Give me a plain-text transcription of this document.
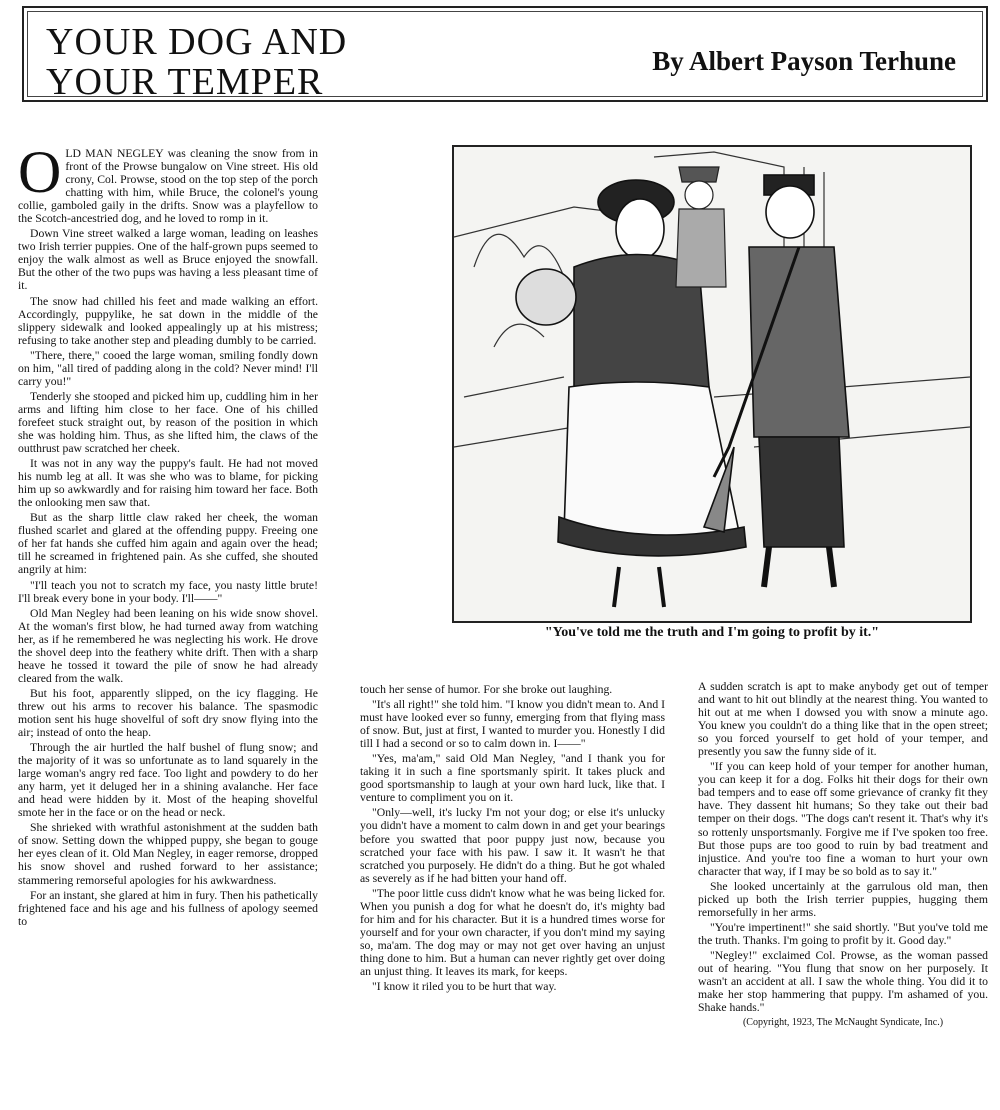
YOUR DOG AND
YOUR TEMPER	By Albert Payson Terhune

OLD MAN NEGLEY was cleaning the snow from in front of the Prowse bungalow on Vine street. His old crony, Col. Prowse, stood on the top step of the porch chatting with him, while Bruce, the colonel's young collie, gamboled gaily in the drifts. Snow was a playfellow to the Scotch-ancestried dog, and he loved to romp in it.

Down Vine street walked a large woman, leading on leashes two Irish terrier puppies. One of the half-grown pups seemed to enjoy the walk almost as well as Bruce enjoyed the snowfall. But the other of the two pups was having a less pleasant time of it.

The snow had chilled his feet and made walking an effort. Accordingly, puppylike, he sat down in the middle of the slippery sidewalk and looked appealingly up at his mistress; refusing to take another step and pleading dumbly to be carried.

"There, there," cooed the large woman, smiling fondly down on him, "all tired of padding along in the cold? Never mind! I'll carry you!"

Tenderly she stooped and picked him up, cuddling him in her arms and lifting him close to her face. One of his chilled forefeet stuck straight out, by reason of the position in which she was holding him. Thus, as she lifted him, the claws of the outthrust paw scratched her cheek.

It was not in any way the puppy's fault. He had not moved his numb leg at all. It was she who was to blame, for picking him up so awkwardly and for raising him toward her face. Both the onlooking men saw that.

But as the sharp little claw raked her cheek, the woman flushed scarlet and glared at the offending puppy. Freeing one of her fat hands she cuffed him again and again over the head; till he screamed in frightened pain. As she cuffed, she shouted angrily at him:

"I'll teach you not to scratch my face, you nasty little brute! I'll break every bone in your body. I'll——"

Old Man Negley had been leaning on his wide snow shovel. At the woman's first blow, he had turned away from watching her, as if he remembered he was neglecting his work. He drove the shovel deep into the feathery white drift. Then with a sharp heave he tossed it toward the pile of snow he had already cleared from the walk.

But his foot, apparently slipped, on the icy flagging. He threw out his arms to recover his balance. The spasmodic motion sent his huge shovelful of soft dry snow flying into the air; instead of onto the heap.

Through the air hurtled the half bushel of flung snow; and the majority of it was so unfortunate as to land squarely in the large woman's angry red face. Too light and powdery to do her any harm, yet it deluged her in a shining avalanche. Her face and head were hidden by it. Most of the heaping shovelful smote her in the face or on the head or neck.

She shrieked with wrathful astonishment at the sudden bath of snow. Setting down the whipped puppy, she began to gouge her eyes clean of it. Old Man Negley, in eager remorse, dropped his snow shovel and rushed forward to her assistance; stammering remorseful apologies for his awkwardness.

For an instant, she glared at him in fury. Then his pathetically frightened face and his age and his fullness of apology seemed to

"You've told me the truth and I'm going to profit by it."

touch her sense of humor. For she broke out laughing.

"It's all right!" she told him. "I know you didn't mean to. And I must have looked ever so funny, emerging from that flying mass of snow. But, just at first, I wanted to murder you. Honestly I did till I had a second or so to calm down in. I——"

"Yes, ma'am," said Old Man Negley, "and I thank you for taking it in such a fine sportsmanly spirit. It takes pluck and good sportsmanship to laugh at your own hard luck, like that. I venture to compliment you on it.

"Only—well, it's lucky I'm not your dog; or else it's unlucky you didn't have a moment to calm down in and get your bearings before you swatted that poor puppy just now, because you scratched your face with his paw. I saw it. It wasn't he that scratched you purposely. He didn't do a thing. But he got whaled as severely as if he had bitten your hand off.

"The poor little cuss didn't know what he was being licked for. When you punish a dog for what he doesn't do, it's mighty bad for him and for his character. But it is a hundred times worse for yourself and for your own character, if you don't mind my saying so, ma'am. The dog may or may not get over having an unjust thing done to him. But a human can never rightly get over doing an unjust thing. It leaves its mark, for keeps.

"I know it riled you to be hurt that way.

A sudden scratch is apt to make anybody get out of temper and want to hit out blindly at the nearest thing. You wanted to hit out at me when I dowsed you with snow a minute ago. You knew you couldn't do a thing like that in the open street; so you forced yourself to get hold of your temper, and presently you saw the funny side of it.

"If you can keep hold of your temper for another human, you can keep it for a dog. Folks hit their dogs for their own bad tempers and to ease off some grievance of cranky fit they have. They dassent hit humans; So they take out their bad temper on their dogs. "The dogs can't resent it. That's why it's so rottenly unsportsmanly. Forgive me if I've spoken too free. But those pups are too good to ruin by bad treatment and injustice. And you're too fine a woman to hurt your own character that way, if I may be so bold as to say it."

She looked uncertainly at the garrulous old man, then picked up both the Irish terrier puppies, hugging them remorsefully in her arms.

"You're impertinent!" she said shortly. "But you've told me the truth. Thanks. I'm going to profit by it. Good day."

"Negley!" exclaimed Col. Prowse, as the woman passed out of hearing. "You flung that snow on her purposely. It wasn't an accident at all. I saw the whole thing. You did it to make her stop hammering that puppy. I'm ashamed of you. Shake hands."

(Copyright, 1923, The McNaught Syndicate, Inc.)
